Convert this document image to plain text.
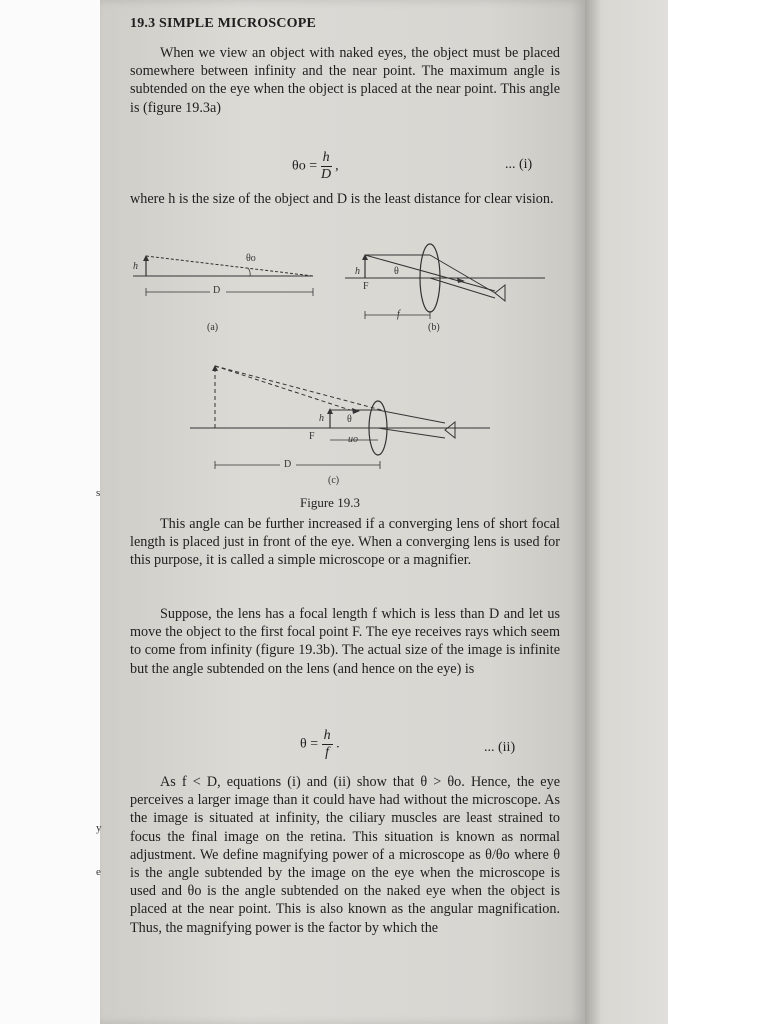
s
y
e
19.3 SIMPLE MICROSCOPE

When we view an object with naked eyes, the object must be placed somewhere between infinity and the near point. The maximum angle is subtended on the eye when the object is placed at the near point. This angle is (figure 19.3a)

$\theta o = \frac{h}{D}$ ,	... (i)

where h is the size of the object and D is the least distance for clear vision.

h
θo
D
(a)
h	θ
F
f
(b)
h θ
F	uo
D
(c)
Figure 19.3

This angle can be further increased if a converging lens of short focal length is placed just in front of the eye. When a converging lens is used for this purpose, it is called a simple microscope or a magnifier.

Suppose, the lens has a focal length f which is less than D and let us move the object to the first focal point F. The eye receives rays which seem to come from infinity (figure 19.3b). The actual size of the image is infinite but the angle subtended on the lens (and hence on the eye) is

$\theta = \frac{h}{f}$ .	... (ii)

As f < D, equations (i) and (ii) show that θ > θo. Hence, the eye perceives a larger image than it could have had without the microscope. As the image is situated at infinity, the ciliary muscles are least strained to focus the final image on the retina. This situation is known as normal adjustment. We define magnifying power of a microscope as θ/θo where θ is the angle subtended by the image on the eye when the microscope is used and θo is the angle subtended on the naked eye when the object is placed at the near point. This is also known as the angular magnification. Thus, the magnifying power is the factor by which the
